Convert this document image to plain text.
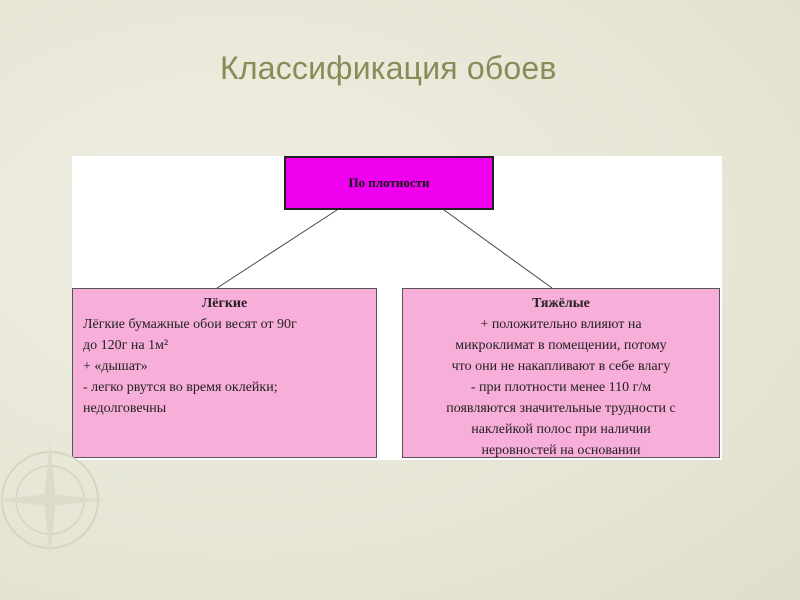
Классификация обоев
По плотности
Лёгкие
Лёгкие бумажные обои весят от 90г
до 120г на 1м²
+ «дышат»
- легко рвутся во время оклейки;
недолговечны
Тяжёлые
+ положительно влияют на
микроклимат в помещении, потому
что они не накапливают в себе влагу
- при плотности менее 110 г/м
появляются значительные трудности с
наклейкой полос при наличии
неровностей на основании
